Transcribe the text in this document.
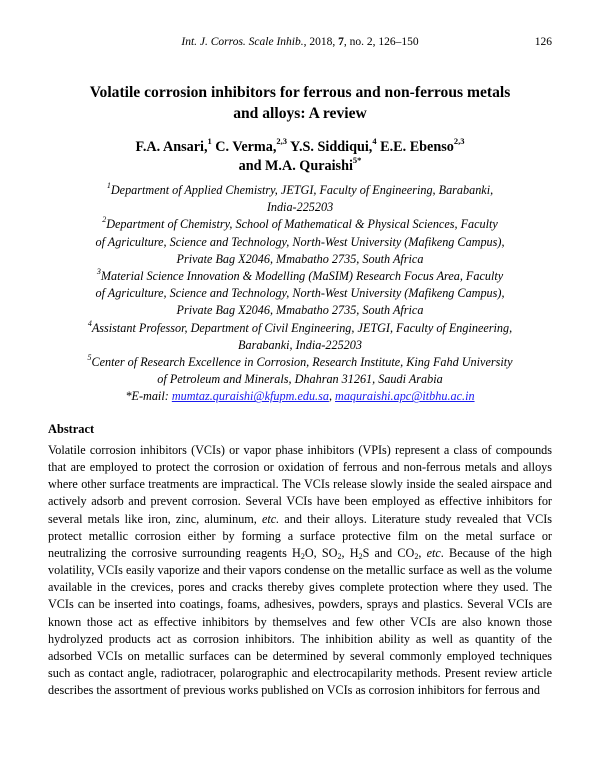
Int. J. Corros. Scale Inhib., 2018, 7, no. 2, 126–150	126
Volatile corrosion inhibitors for ferrous and non-ferrous metals
and alloys: A review
F.A. Ansari,$^1$ C. Verma,$^{2,3}$ Y.S. Siddiqui,$^4$ E.E. Ebenso$^{2,3}$
and M.A. Quraishi$^{5*}$

$^1$Department of Applied Chemistry, JETGI, Faculty of Engineering, Barabanki,
India-225203

$^2$Department of Chemistry, School of Mathematical & Physical Sciences, Faculty
of Agriculture, Science and Technology, North-West University (Mafikeng Campus),
Private Bag X2046, Mmabatho 2735, South Africa

$^3$Material Science Innovation & Modelling (MaSIM) Research Focus Area, Faculty
of Agriculture, Science and Technology, North-West University (Mafikeng Campus),
Private Bag X2046, Mmabatho 2735, South Africa

$^4$Assistant Professor, Department of Civil Engineering, JETGI, Faculty of Engineering,
Barabanki, India-225203

$^5$Center of Research Excellence in Corrosion, Research Institute, King Fahd University
of Petroleum and Minerals, Dhahran 31261, Saudi Arabia

*E-mail: mumtaz.quraishi@kfupm.edu.sa, maquraishi.apc@itbhu.ac.in

Abstract

Volatile corrosion inhibitors (VCIs) or vapor phase inhibitors (VPIs) represent a class of compounds that are employed to protect the corrosion or oxidation of ferrous and non-ferrous metals and alloys where other surface treatments are impractical. The VCIs release slowly inside the sealed airspace and actively adsorb and prevent corrosion. Several VCIs have been employed as effective inhibitors for several metals like iron, zinc, aluminum, etc. and their alloys. Literature study revealed that VCIs protect metallic corrosion either by forming a surface protective film on the metal surface or neutralizing the corrosive surrounding reagents $H_2O$, $SO_2$, $H_2S$ and $CO_2$, etc. Because of the high volatility, VCIs easily vaporize and their vapors condense on the metallic surface as well as the volume available in the crevices, pores and cracks thereby gives complete protection where they used. The VCIs can be inserted into coatings, foams, adhesives, powders, sprays and plastics. Several VCIs are known those act as effective inhibitors by themselves and few other VCIs are also known those hydrolyzed products act as corrosion inhibitors. The inhibition ability as well as quantity of the adsorbed VCIs on metallic surfaces can be determined by several commonly employed techniques such as contact angle, radiotracer, polarographic and electrocapilarity methods. Present review article describes the assortment of previous works published on VCIs as corrosion inhibitors for ferrous and
